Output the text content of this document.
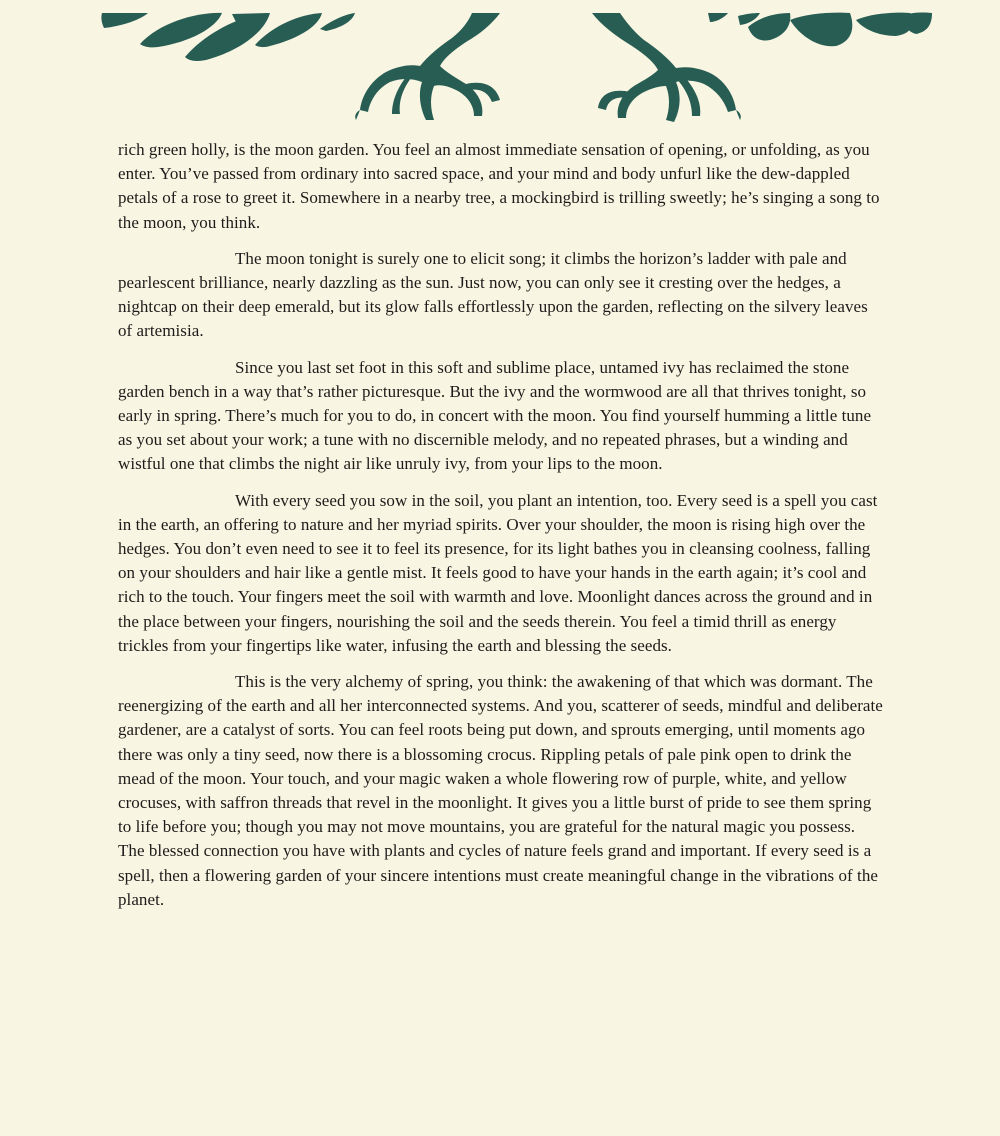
rich green holly, is the moon garden. You feel an almost immediate sensation of opening, or unfolding, as you enter. You’ve passed from ordinary into sacred space, and your mind and body unfurl like the dew-dappled petals of a rose to greet it. Somewhere in a nearby tree, a mockingbird is trilling sweetly; he’s singing a song to the moon, you think.

The moon tonight is surely one to elicit song; it climbs the horizon’s ladder with pale and pearlescent brilliance, nearly dazzling as the sun. Just now, you can only see it cresting over the hedges, a nightcap on their deep emerald, but its glow falls effortlessly upon the garden, reflecting on the silvery leaves of artemisia.

Since you last set foot in this soft and sublime place, untamed ivy has reclaimed the stone garden bench in a way that’s rather picturesque. But the ivy and the wormwood are all that thrives tonight, so early in spring. There’s much for you to do, in concert with the moon. You find yourself humming a little tune as you set about your work; a tune with no discernible melody, and no repeated phrases, but a winding and wistful one that climbs the night air like unruly ivy, from your lips to the moon.

With every seed you sow in the soil, you plant an intention, too. Every seed is a spell you cast in the earth, an offering to nature and her myriad spirits. Over your shoulder, the moon is rising high over the hedges. You don’t even need to see it to feel its presence, for its light bathes you in cleansing coolness, falling on your shoulders and hair like a gentle mist. It feels good to have your hands in the earth again; it’s cool and rich to the touch. Your fingers meet the soil with warmth and love. Moonlight dances across the ground and in the place between your fingers, nourishing the soil and the seeds therein. You feel a timid thrill as energy trickles from your fingertips like water, infusing the earth and blessing the seeds.

This is the very alchemy of spring, you think: the awakening of that which was dormant. The reenergizing of the earth and all her interconnected systems. And you, scatterer of seeds, mindful and deliberate gardener, are a catalyst of sorts. You can feel roots being put down, and sprouts emerging, until moments ago there was only a tiny seed, now there is a blossoming crocus. Rippling petals of pale pink open to drink the mead of the moon. Your touch, and your magic waken a whole flowering row of purple, white, and yellow crocuses, with saffron threads that revel in the moonlight. It gives you a little burst of pride to see them spring to life before you; though you may not move mountains, you are grateful for the natural magic you possess. The blessed connection you have with plants and cycles of nature feels grand and important. If every seed is a spell, then a flowering garden of your sincere intentions must create meaningful change in the vibrations of the planet.
